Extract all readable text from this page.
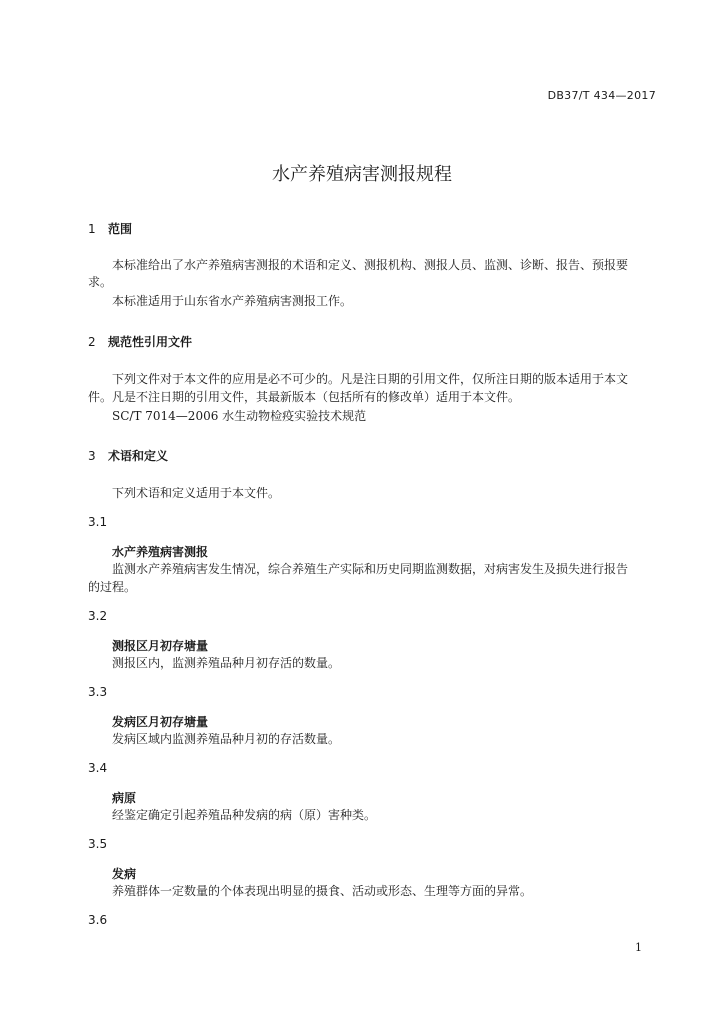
DB37/T 434—2017
水产养殖病害测报规程
1 范围
本标准给出了水产养殖病害测报的术语和定义、测报机构、测报人员、监测、诊断、报告、预报要
求。
本标准适用于山东省水产养殖病害测报工作。
2 规范性引用文件
下列文件对于本文件的应用是必不可少的。凡是注日期的引用文件，仅所注日期的版本适用于本文
件。凡是不注日期的引用文件，其最新版本（包括所有的修改单）适用于本文件。
SC/T 7014—2006 水生动物检疫实验技术规范
3 术语和定义
下列术语和定义适用于本文件。
3.1
水产养殖病害测报
监测水产养殖病害发生情况，综合养殖生产实际和历史同期监测数据，对病害发生及损失进行报告
的过程。
3.2
测报区月初存塘量
测报区内，监测养殖品种月初存活的数量。
3.3
发病区月初存塘量
发病区域内监测养殖品种月初的存活数量。
3.4
病原
经鉴定确定引起养殖品种发病的病（原）害种类。
3.5
发病
养殖群体一定数量的个体表现出明显的摄食、活动或形态、生理等方面的异常。
3.6
1
